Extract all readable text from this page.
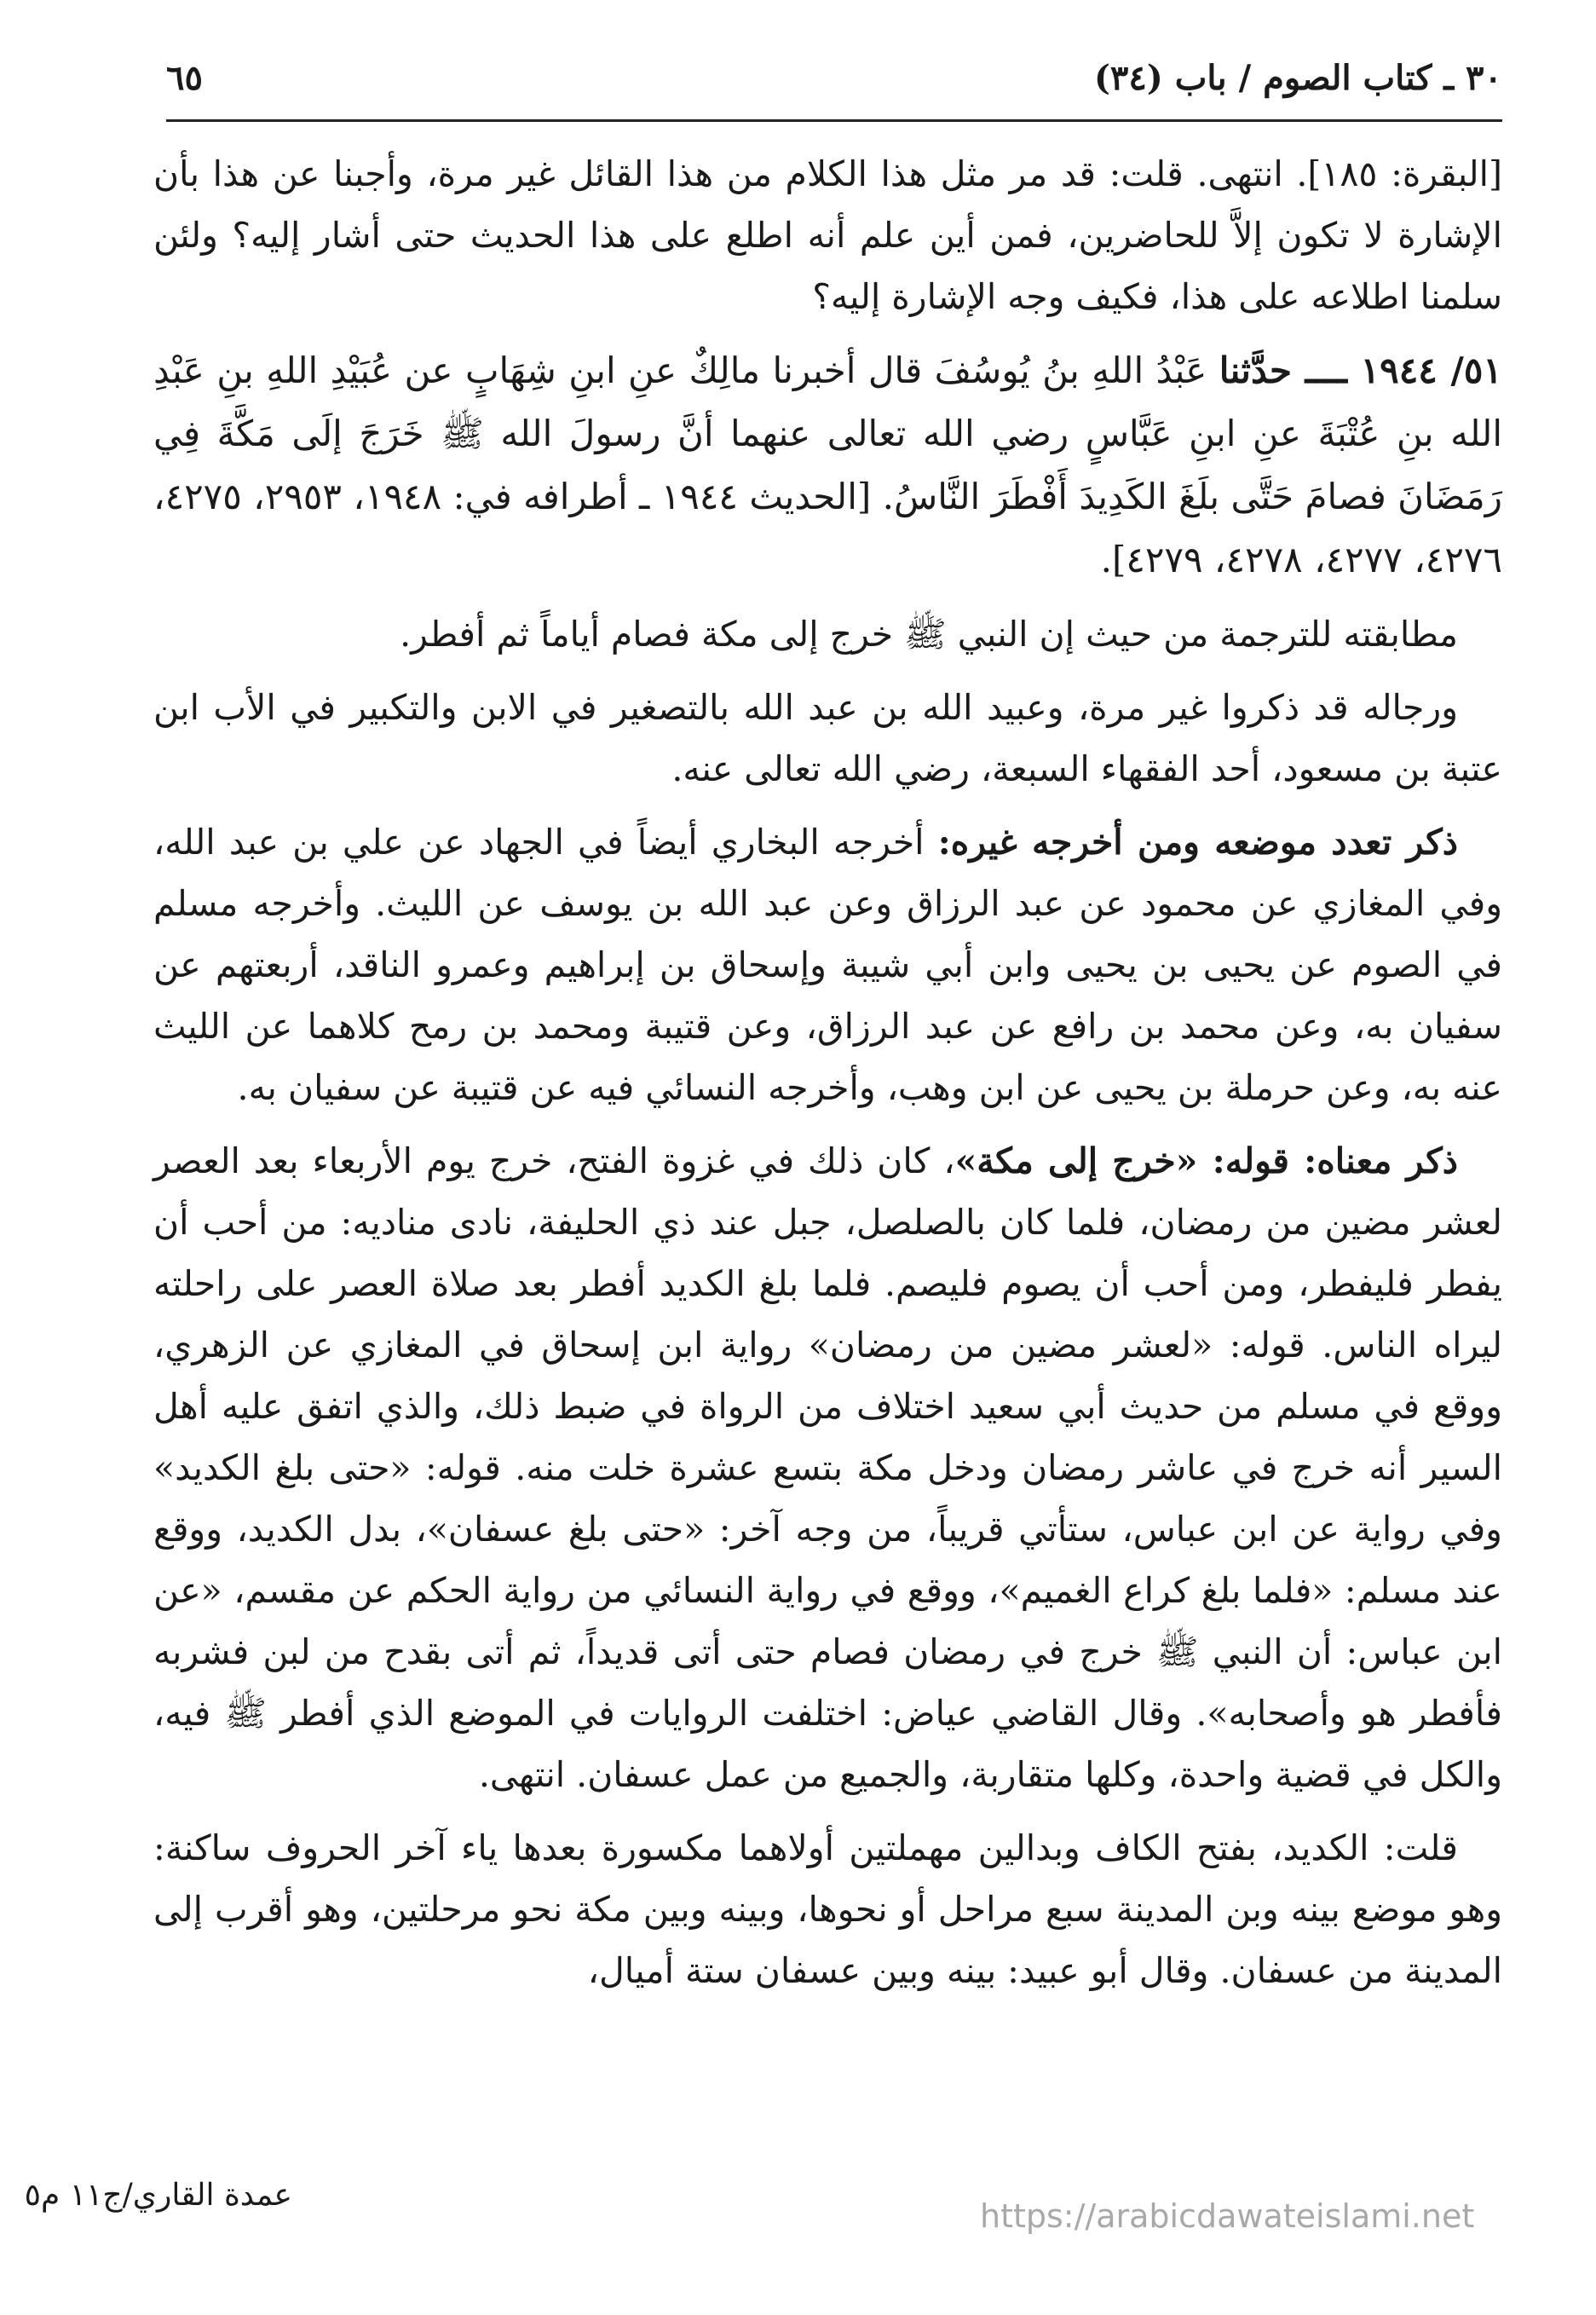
٣٠ ـ كتاب الصوم / باب (٣٤)
٦٥

[البقرة: ١٨٥]. انتهى. قلت: قد مر مثل هذا الكلام من هذا القائل غير مرة، وأجبنا عن هذا بأن الإشارة لا تكون إلاَّ للحاضرين، فمن أين علم أنه اطلع على هذا الحديث حتى أشار إليه؟ ولئن سلمنا اطلاعه على هذا، فكيف وجه الإشارة إليه؟

٥١/ ١٩٤٤ ــــ حدَّثنا عَبْدُ اللهِ بنُ يُوسُفَ قال أخبرنا مالِكٌ عنِ ابنِ شِهَابٍ عن عُبَيْدِ اللهِ بنِ عَبْدِ الله بنِ عُتْبَةَ عنِ ابنِ عَبَّاسٍ رضي الله تعالى عنهما أنَّ رسولَ الله ﷺ خَرَجَ إلَى مَكَّةَ فِي رَمَضَانَ فصامَ حَتَّى بلَغَ الكَدِيدَ أَفْطَرَ النَّاسُ. [الحديث ١٩٤٤ ـ أطرافه في: ١٩٤٨، ٢٩٥٣، ٤٢٧٥، ٤٢٧٦، ٤٢٧٧، ٤٢٧٨، ٤٢٧٩].

مطابقته للترجمة من حيث إن النبي ﷺ خرج إلى مكة فصام أياماً ثم أفطر.

ورجاله قد ذكروا غير مرة، وعبيد الله بن عبد الله بالتصغير في الابن والتكبير في الأب ابن عتبة بن مسعود، أحد الفقهاء السبعة، رضي الله تعالى عنه.

ذكر تعدد موضعه ومن أخرجه غيره: أخرجه البخاري أيضاً في الجهاد عن علي بن عبد الله، وفي المغازي عن محمود عن عبد الرزاق وعن عبد الله بن يوسف عن الليث. وأخرجه مسلم في الصوم عن يحيى بن يحيى وابن أبي شيبة وإسحاق بن إبراهيم وعمرو الناقد، أربعتهم عن سفيان به، وعن محمد بن رافع عن عبد الرزاق، وعن قتيبة ومحمد بن رمح كلاهما عن الليث عنه به، وعن حرملة بن يحيى عن ابن وهب، وأخرجه النسائي فيه عن قتيبة عن سفيان به.

ذكر معناه: قوله: «خرج إلى مكة»، كان ذلك في غزوة الفتح، خرج يوم الأربعاء بعد العصر لعشر مضين من رمضان، فلما كان بالصلصل، جبل عند ذي الحليفة، نادى مناديه: من أحب أن يفطر فليفطر، ومن أحب أن يصوم فليصم. فلما بلغ الكديد أفطر بعد صلاة العصر على راحلته ليراه الناس. قوله: «لعشر مضين من رمضان» رواية ابن إسحاق في المغازي عن الزهري، ووقع في مسلم من حديث أبي سعيد اختلاف من الرواة في ضبط ذلك، والذي اتفق عليه أهل السير أنه خرج في عاشر رمضان ودخل مكة بتسع عشرة خلت منه. قوله: «حتى بلغ الكديد» وفي رواية عن ابن عباس، ستأتي قريباً، من وجه آخر: «حتى بلغ عسفان»، بدل الكديد، ووقع عند مسلم: «فلما بلغ كراع الغميم»، ووقع في رواية النسائي من رواية الحكم عن مقسم، «عن ابن عباس: أن النبي ﷺ خرج في رمضان فصام حتى أتى قديداً، ثم أتى بقدح من لبن فشربه فأفطر هو وأصحابه». وقال القاضي عياض: اختلفت الروايات في الموضع الذي أفطر ﷺ فيه، والكل في قضية واحدة، وكلها متقاربة، والجميع من عمل عسفان. انتهى.

قلت: الكديد، بفتح الكاف وبدالين مهملتين أولاهما مكسورة بعدها ياء آخر الحروف ساكنة: وهو موضع بينه وبن المدينة سبع مراحل أو نحوها، وبينه وبين مكة نحو مرحلتين، وهو أقرب إلى المدينة من عسفان. وقال أبو عبيد: بينه وبين عسفان ستة أميال،

عمدة القاري/ج١١ م٥
https://arabicdawateislami.net
